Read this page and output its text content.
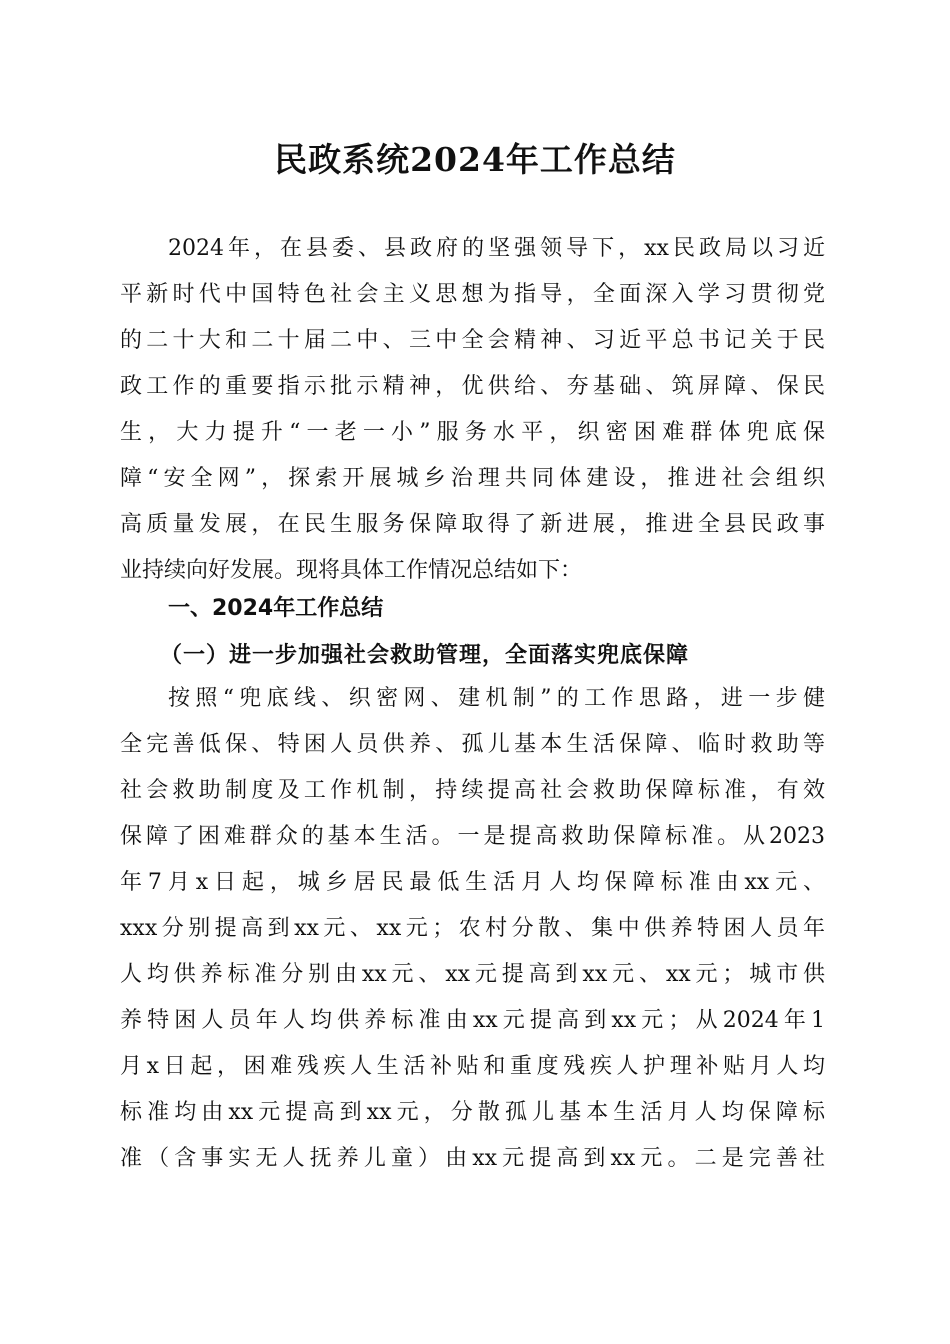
民政系统2024年工作总结
2024年，在县委、县政府的坚强领导下，xx民政局以习近
平新时代中国特色社会主义思想为指导，全面深入学习贯彻党
的二十大和二十届二中、三中全会精神、习近平总书记关于民
政工作的重要指示批示精神，优供给、夯基础、筑屏障、保民
生，大力提升“一老一小”服务水平，织密困难群体兜底保
障“安全网”，探索开展城乡治理共同体建设，推进社会组织
高质量发展，在民生服务保障取得了新进展，推进全县民政事
业持续向好发展。现将具体工作情况总结如下：
一、2024年工作总结
（一）进一步加强社会救助管理，全面落实兜底保障
按照“兜底线、织密网、建机制”的工作思路，进一步健
全完善低保、特困人员供养、孤儿基本生活保障、临时救助等
社会救助制度及工作机制，持续提高社会救助保障标准，有效
保障了困难群众的基本生活。一是提高救助保障标准。从2023
年7月x日起，城乡居民最低生活月人均保障标准由xx元、
xxx分别提高到xx元、xx元；农村分散、集中供养特困人员年
人均供养标准分别由xx元、xx元提高到xx元、xx元；城市供
养特困人员年人均供养标准由xx元提高到xx元；从2024年1
月x日起，困难残疾人生活补贴和重度残疾人护理补贴月人均
标准均由xx元提高到xx元，分散孤儿基本生活月人均保障标
准（含事实无人抚养儿童）由xx元提高到xx元。二是完善社
